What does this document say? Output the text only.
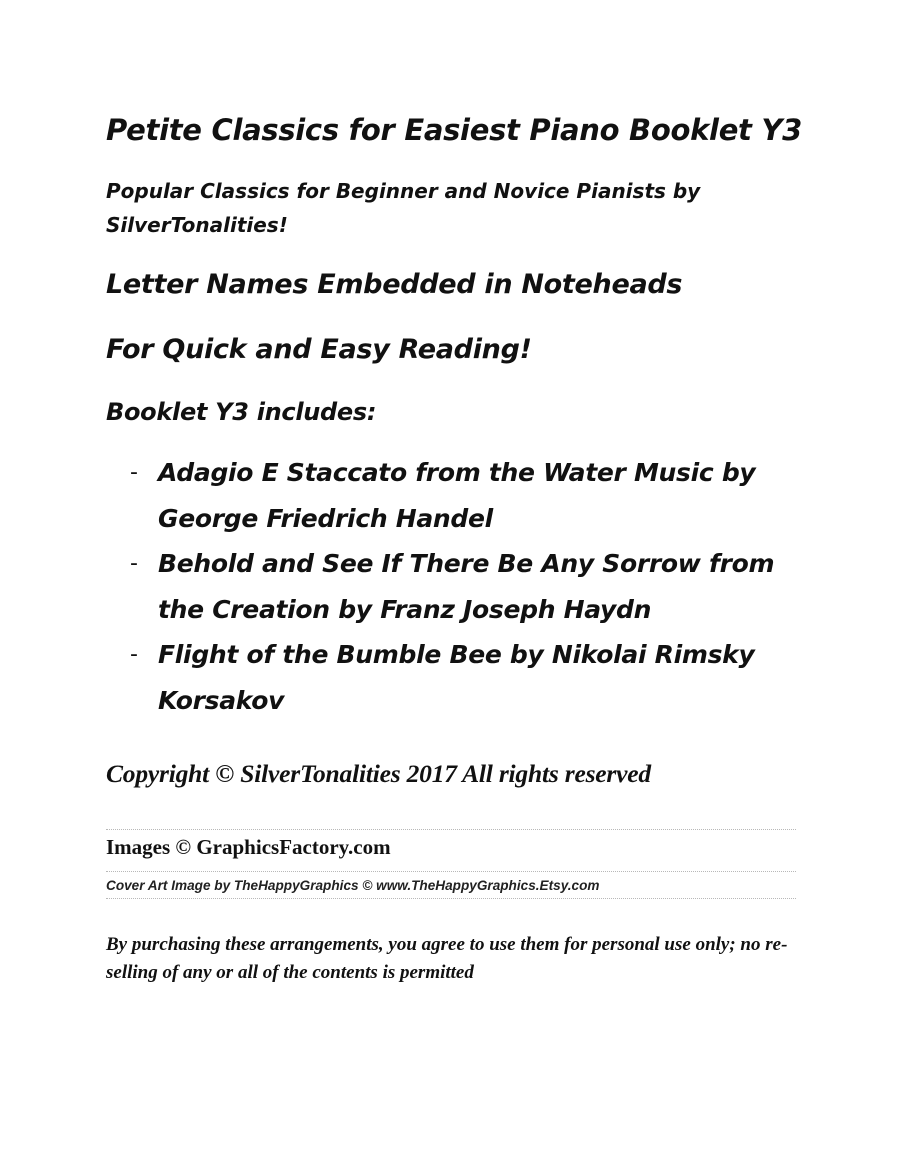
Petite Classics for Easiest Piano Booklet Y3

Popular Classics for Beginner and Novice Pianists by SilverTonalities!

Letter Names Embedded in Noteheads

For Quick and Easy Reading!

Booklet Y3 includes:

- Adagio E Staccato from the Water Music by George Friedrich Handel
- Behold and See If There Be Any Sorrow from the Creation by Franz Joseph Haydn
- Flight of the Bumble Bee by Nikolai Rimsky Korsakov

Copyright © SilverTonalities 2017 All rights reserved

Images © GraphicsFactory.com

Cover Art Image by TheHappyGraphics © www.TheHappyGraphics.Etsy.com

By purchasing these arrangements, you agree to use them for personal use only; no re-selling of any or all of the contents is permitted
